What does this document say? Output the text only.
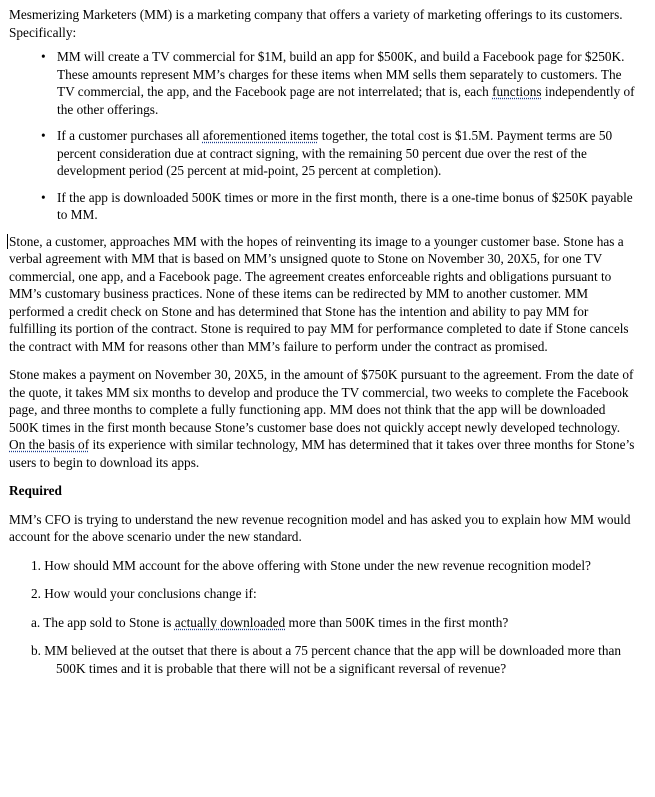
Mesmerizing Marketers (MM) is a marketing company that offers a variety of marketing offerings to its customers. Specifically:

• MM will create a TV commercial for $1M, build an app for $500K, and build a Facebook page for $250K. These amounts represent MM’s charges for these items when MM sells them separately to customers. The TV commercial, the app, and the Facebook page are not interrelated; that is, each functions independently of the other offerings.
• If a customer purchases all aforementioned items together, the total cost is $1.5M. Payment terms are 50 percent consideration due at contract signing, with the remaining 50 percent due over the rest of the development period (25 percent at mid-point, 25 percent at completion).
• If the app is downloaded 500K times or more in the first month, there is a one-time bonus of $250K payable to MM.

Stone, a customer, approaches MM with the hopes of reinventing its image to a younger customer base. Stone has a verbal agreement with MM that is based on MM’s unsigned quote to Stone on November 30, 20X5, for one TV commercial, one app, and a Facebook page. The agreement creates enforceable rights and obligations pursuant to MM’s customary business practices. None of these items can be redirected by MM to another customer. MM performed a credit check on Stone and has determined that Stone has the intention and ability to pay MM for fulfilling its portion of the contract. Stone is required to pay MM for performance completed to date if Stone cancels the contract with MM for reasons other than MM’s failure to perform under the contract as promised.

Stone makes a payment on November 30, 20X5, in the amount of $750K pursuant to the agreement. From the date of the quote, it takes MM six months to develop and produce the TV commercial, two weeks to complete the Facebook page, and three months to complete a fully functioning app. MM does not think that the app will be downloaded 500K times in the first month because Stone’s customer base does not quickly accept newly developed technology. On the basis of its experience with similar technology, MM has determined that it takes over three months for Stone’s users to begin to download its apps.

Required

MM’s CFO is trying to understand the new revenue recognition model and has asked you to explain how MM would account for the above scenario under the new standard.

1. How should MM account for the above offering with Stone under the new revenue recognition model?
2. How would your conclusions change if:
a. The app sold to Stone is actually downloaded more than 500K times in the first month?
b. MM believed at the outset that there is about a 75 percent chance that the app will be downloaded more than 500K times and it is probable that there will not be a significant reversal of revenue?
